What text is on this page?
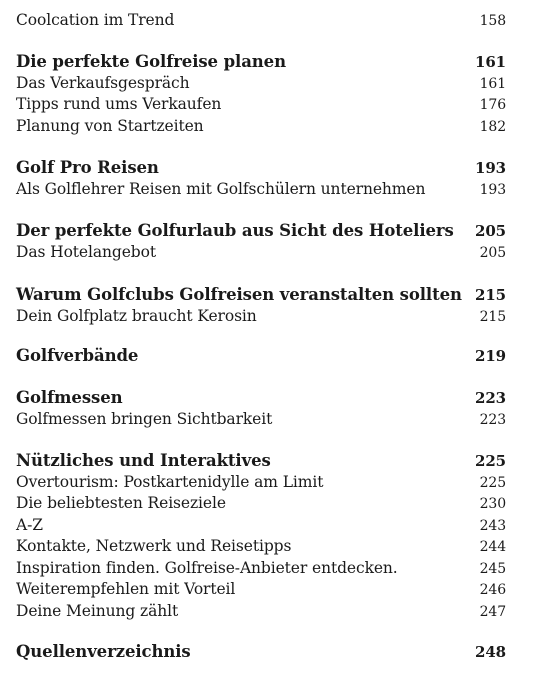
Coolcation im Trend	158
Die perfekte Golfreise planen	161
Das Verkaufsgespräch	161
Tipps rund ums Verkaufen	176
Planung von Startzeiten	182
Golf Pro Reisen	193
Als Golflehrer Reisen mit Golfschülern unternehmen	193
Der perfekte Golfurlaub aus Sicht des Hoteliers 205
Das Hotelangebot	205
Warum Golfclubs Golfreisen veranstalten sollten 215
Dein Golfplatz braucht Kerosin	215
Golfverbände	219
Golfmessen	223
Golfmessen bringen Sichtbarkeit	223
Nützliches und Interaktives	225
Overtourism: Postkartenidylle am Limit	225
Die beliebtesten Reiseziele	230
A-Z	243
Kontakte, Netzwerk und Reisetipps	244
Inspiration finden. Golfreise-Anbieter entdecken.	245
Weiterempfehlen mit Vorteil	246
Deine Meinung zählt	247
Quellenverzeichnis	248
